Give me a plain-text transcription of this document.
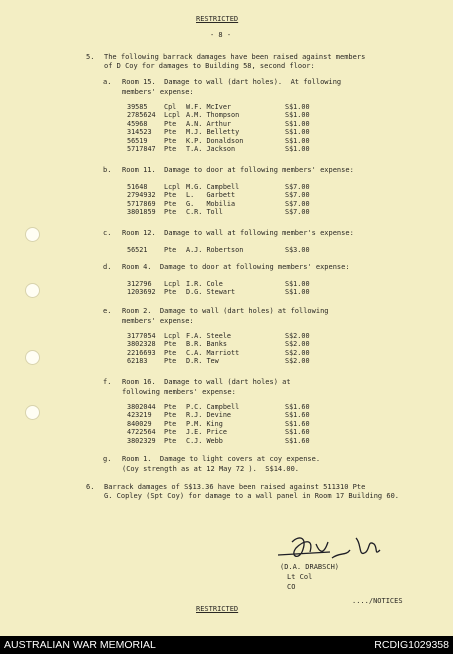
RESTRICTED
- 8 -
5. The following barrack damages have been raised against members
of D Coy for damages to Building 58, second floor:
a. Room 15.  Damage to wall (dart holes).  At following
members' expense:
39585 Cpl W.F. McIver	S$1.00
2785624 Lcpl A.M. Thompson	S$1.00
45968 Pte A.N. Arthur	S$1.00
314523 Pte M.J. Belletty	S$1.00
56519 Pte K.P. Donaldson	S$1.00
5717847 Pte T.A. Jackson	S$1.00
b. Room 11.  Damage to door at following members' expense:
51648 Lcpl M.G. Campbell	S$7.00
2794932 Pte L.   Garbett	S$7.00
5717869 Pte G.   Mobilia	S$7.00
3801859 Pte C.R. Toll	S$7.00
c. Room 12.  Damage to wall at following member's expense:
56521 Pte A.J. Robertson	S$3.00
d. Room 4.  Damage to door at following members' expense:
312796 Lcpl I.R. Cole	S$1.00
1203692 Pte D.G. Stewart	S$1.00
e. Room 2.  Damage to wall (dart holes) at following
members' expense:
3177054 Lcpl F.A. Steele	S$2.00
3802328 Pte B.R. Banks	S$2.00
2216693 Pte C.A. Marriott	S$2.00
62183 Pte D.R. Tew	S$2.00
f. Room 16.  Damage to wall (dart holes) at
following members' expense:
3802044 Pte P.C. Campbell	S$1.60
423219 Pte R.J. Devine	S$1.60
840029 Pte P.M. King	S$1.60
4722564 Pte J.E. Price	S$1.60
3802329 Pte C.J. Webb	S$1.60
g. Room 1.  Damage to light covers at coy expense.
(Coy strength as at 12 May 72 ).  S$14.00.
6. Barrack damages of S$13.36 have been raised against 511310 Pte
G. Copley (Spt Coy) for damage to a wall panel in Room 17 Building 60.
(D.A. DRABSCH)
Lt Col
CO
..../NOTICES
RESTRICTED
AUSTRALIAN WAR MEMORIAL	RCDIG1029358
